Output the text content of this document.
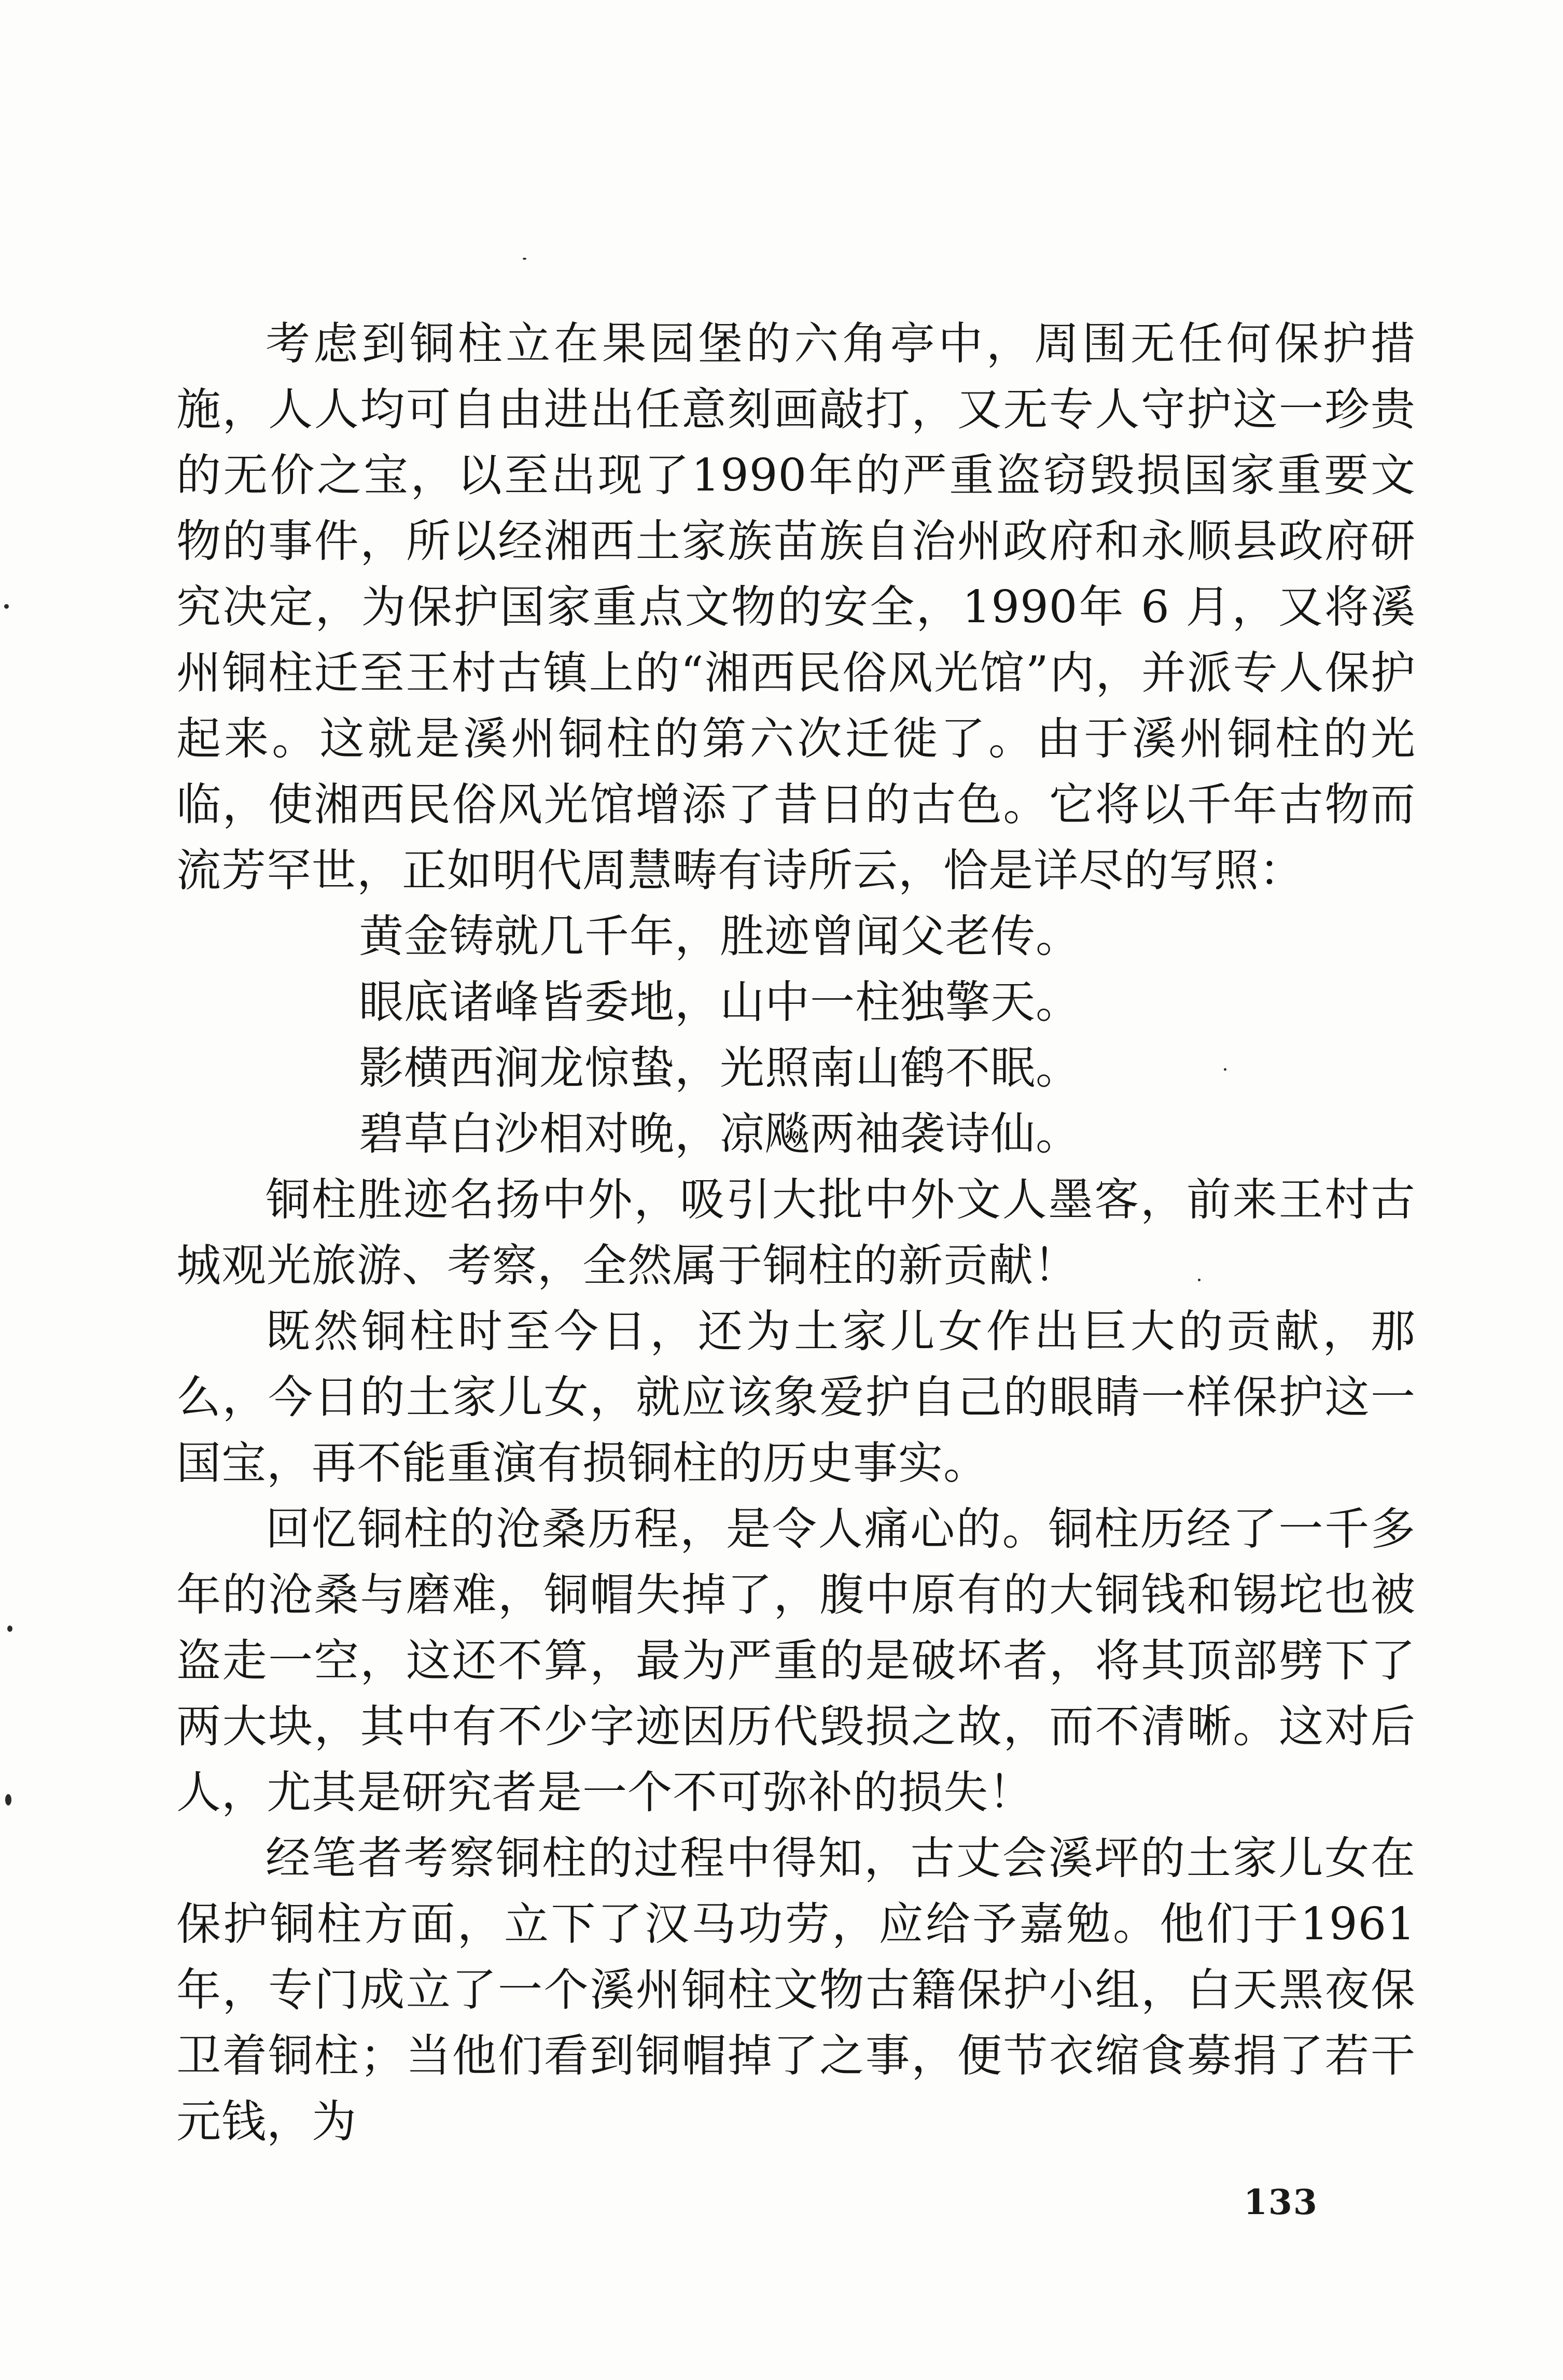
考虑到铜柱立在果园堡的六角亭中，周围无任何保护措施，人人均可自由进出任意刻画敲打，又无专人守护这一珍贵的无价之宝，以至出现了1990年的严重盗窃毁损国家重要文物的事件，所以经湘西土家族苗族自治州政府和永顺县政府研究决定，为保护国家重点文物的安全，1990年 6 月，又将溪州铜柱迁至王村古镇上的“湘西民俗风光馆”内，并派专人保护起来。这就是溪州铜柱的第六次迁徙了。由于溪州铜柱的光临，使湘西民俗风光馆增添了昔日的古色。它将以千年古物而流芳罕世，正如明代周慧畴有诗所云，恰是详尽的写照：

黄金铸就几千年，胜迹曾闻父老传。

眼底诸峰皆委地，山中一柱独擎天。

影横西涧龙惊蛰，光照南山鹤不眠。

碧草白沙相对晚，凉飚两袖袭诗仙。

铜柱胜迹名扬中外，吸引大批中外文人墨客，前来王村古城观光旅游、考察，全然属于铜柱的新贡献！

既然铜柱时至今日，还为土家儿女作出巨大的贡献，那么，今日的土家儿女，就应该象爱护自己的眼睛一样保护这一国宝，再不能重演有损铜柱的历史事实。

回忆铜柱的沧桑历程，是令人痛心的。铜柱历经了一千多年的沧桑与磨难，铜帽失掉了，腹中原有的大铜钱和锡坨也被盗走一空，这还不算，最为严重的是破坏者，将其顶部劈下了两大块，其中有不少字迹因历代毁损之故，而不清晰。这对后人，尤其是研究者是一个不可弥补的损失！

经笔者考察铜柱的过程中得知，古丈会溪坪的土家儿女在保护铜柱方面，立下了汉马功劳，应给予嘉勉。他们于1961年，专门成立了一个溪州铜柱文物古籍保护小组，白天黑夜保卫着铜柱；当他们看到铜帽掉了之事，便节衣缩食募捐了若干元钱，为

133
